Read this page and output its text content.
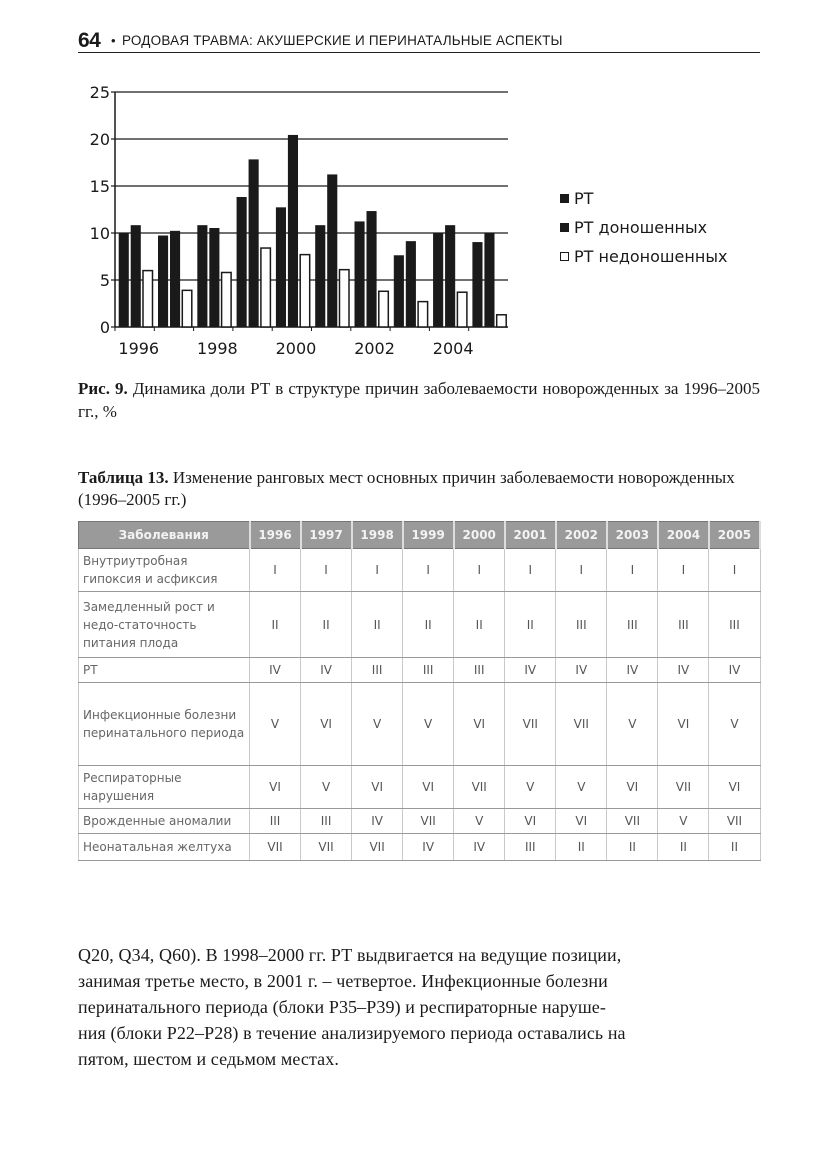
64 • РОДОВАЯ ТРАВМА: АКУШЕРСКИЕ И ПЕРИНАТАЛЬНЫЕ АСПЕКТЫ
0
5
10
15
20
25
1996 1998 2000 2002 2004
РТ
РТ доношенных
РТ недоношенных
Рис. 9. Динамика доли РТ в структуре причин заболеваемости новорожденных за 1996–2005 гг., %
Таблица 13. Изменение ранговых мест основных причин заболеваемости новорожденных (1996–2005 гг.)
Заболевания	1996	1997	1998	1999	2000	2001	2002	2003	2004	2005
Внутриутробная гипоксия и асфиксия	I	I	I	I	I	I	I	I	I	I
Замедленный рост и недо-статочность питания плода	II	II	II	II	II	II	III	III	III	III
РТ	IV	IV	III	III	III	IV	IV	IV	IV	IV
Инфекционные болезни перинатального периода	V	VI	V	V	VI	VII	VII	V	VI	V
Респираторные нарушения	VI	V	VI	VI	VII	V	V	VI	VII	VI
Врожденные аномалии	III	III	IV	VII	V	VI	VI	VII	V	VII
Неонатальная желтуха	VII	VII	VII	IV	IV	III	II	II	II	II
Q20, Q34, Q60). В 1998–2000 гг. РТ выдвигается на ведущие позиции,
занимая третье место, в 2001 г. – четвертое. Инфекционные болезни
перинатального периода (блоки Р35–Р39) и респираторные наруше-
ния (блоки Р22–Р28) в течение анализируемого периода оставались на
пятом, шестом и седьмом местах.
